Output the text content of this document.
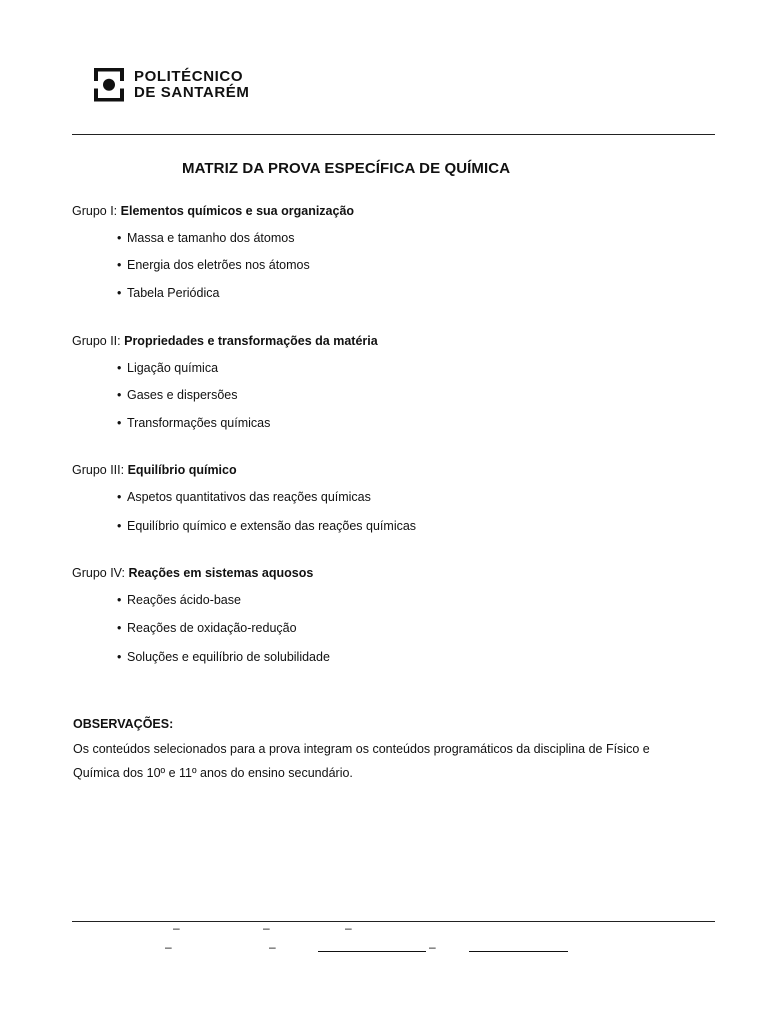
POLITÉCNICO
DE SANTARÉM
MATRIZ DA PROVA ESPECÍFICA DE QUÍMICA
Grupo I: Elementos químicos e sua organização
• Massa e tamanho dos átomos
• Energia dos eletrões nos átomos
• Tabela Periódica
Grupo II: Propriedades e transformações da matéria
• Ligação química
• Gases e dispersões
• Transformações químicas
Grupo III: Equilíbrio químico
• Aspetos quantitativos das reações químicas
• Equilíbrio químico e extensão das reações químicas
Grupo IV: Reações em sistemas aquosos
• Reações ácido-base
• Reações de oxidação-redução
• Soluções e equilíbrio de solubilidade
OBSERVAÇÕES:
Os conteúdos selecionados para a prova integram os conteúdos programáticos da disciplina de Físico e
Química dos 10º e 11º anos do ensino secundário.
–	–	–
–	–	–
